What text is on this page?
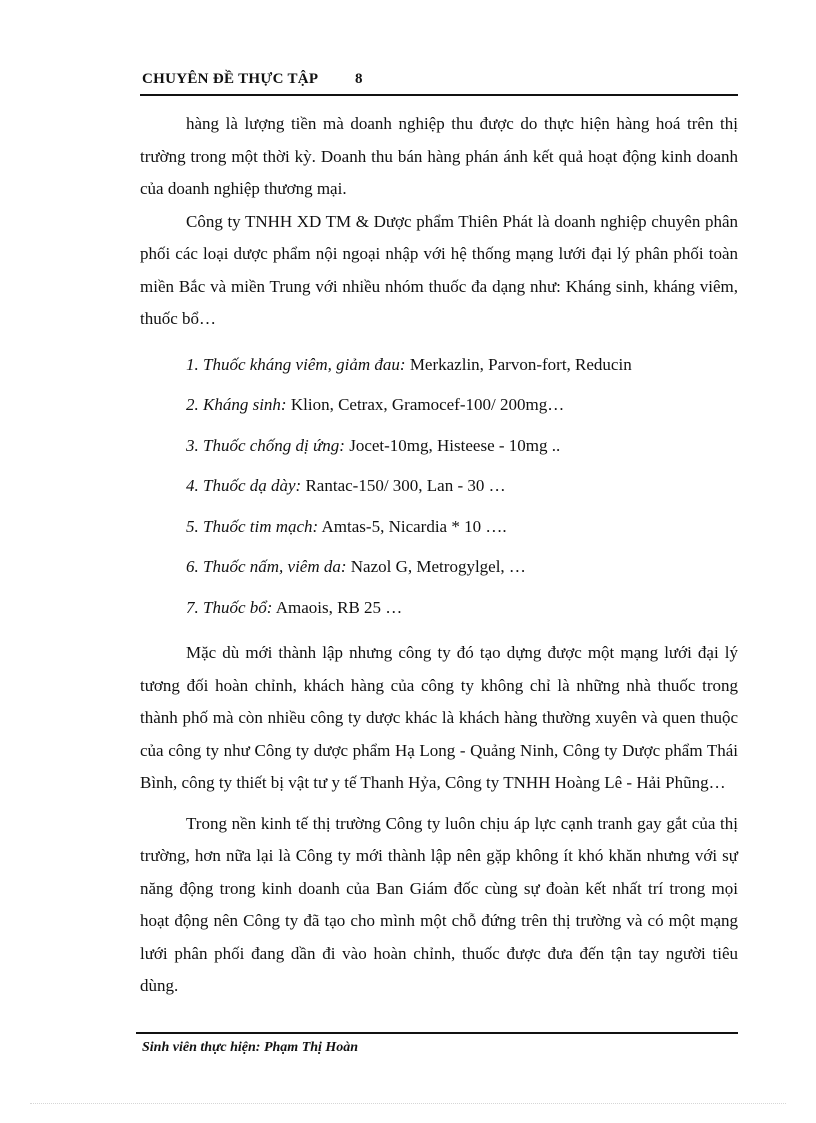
CHUYÊN ĐỀ THỰC TẬP 8

hàng là lượng tiền mà doanh nghiệp thu được do thực hiện hàng hoá trên thị trường trong một thời kỳ. Doanh thu bán hàng phán ánh kết quả hoạt động kinh doanh của doanh nghiệp thương mại.

Công ty TNHH XD TM & Dược phẩm Thiên Phát là doanh nghiệp chuyên phân phối các loại dược phẩm nội ngoại nhập với hệ thống mạng lưới đại lý phân phối toàn miền Bắc và miền Trung với nhiều nhóm thuốc đa dạng như: Kháng sinh, kháng viêm, thuốc bổ…

1. Thuốc kháng viêm, giảm đau: Merkazlin, Parvon-fort, Reducin
2. Kháng sinh: Klion, Cetrax, Gramocef-100/ 200mg…
3. Thuốc chống dị ứng: Jocet-10mg, Histeese - 10mg ..
4. Thuốc dạ dày: Rantac-150/ 300, Lan - 30 …
5. Thuốc tim mạch: Amtas-5, Nicardia * 10 ….
6. Thuốc nấm, viêm da: Nazol G, Metrogylgel, …
7. Thuốc bổ: Amaois, RB 25 …

Mặc dù mới thành lập nhưng công ty đó tạo dựng được một mạng lưới đại lý tương đối hoàn chỉnh, khách hàng của công ty không chỉ là những nhà thuốc trong thành phố mà còn nhiều công ty dược khác là khách hàng thường xuyên và quen thuộc của công ty như Công ty dược phẩm Hạ Long - Quảng Ninh, Công ty Dược phẩm Thái Bình, công ty thiết bị vật tư y tế Thanh Hỷa, Công ty TNHH Hoàng Lê - Hải Phũng…

Trong nền kinh tế thị trường Công ty luôn chịu áp lực cạnh tranh gay gắt của thị trường, hơn nữa lại là Công ty mới thành lập nên gặp không ít khó khăn nhưng với sự năng động trong kinh doanh của Ban Giám đốc cùng sự đoàn kết nhất trí trong mọi hoạt động nên Công ty đã tạo cho mình một chỗ đứng trên thị trường và có một mạng lưới phân phối đang dần đi vào hoàn chỉnh, thuốc được đưa đến tận tay người tiêu dùng.

Sinh viên thực hiện: Phạm Thị Hoàn
